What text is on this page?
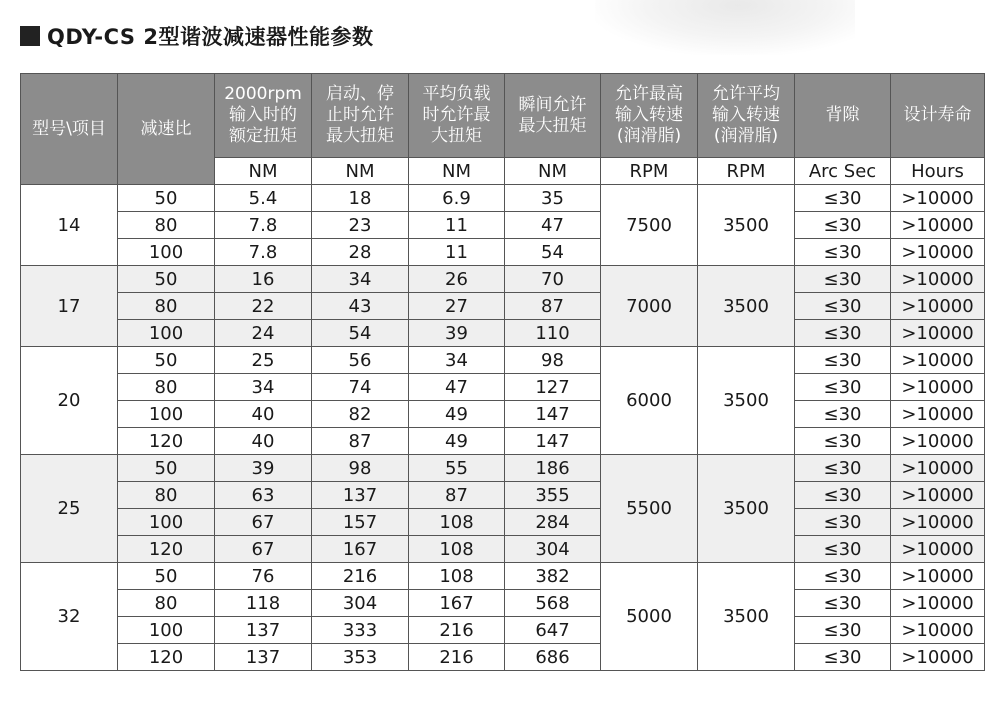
QDY-CS 2型谐波减速器性能参数
型号\项目	减速比	2000rpm
输入时的
额定扭矩	启动、停
止时允许
最大扭矩	平均负载
时允许最
大扭矩	瞬间允许
最大扭矩	允许最高
输入转速
(润滑脂)	允许平均
输入转速
(润滑脂)	背隙	设计寿命
		NM	NM	NM	NM	RPM	RPM	Arc Sec	Hours
14	50	5.4	18	6.9	35	7500	3500	≤30	>10000
	80	7.8	23	11	47			≤30	>10000
	100	7.8	28	11	54			≤30	>10000
17	50	16	34	26	70	7000	3500	≤30	>10000
	80	22	43	27	87			≤30	>10000
	100	24	54	39	110			≤30	>10000
20	50	25	56	34	98	6000	3500	≤30	>10000
	80	34	74	47	127			≤30	>10000
	100	40	82	49	147			≤30	>10000
	120	40	87	49	147			≤30	>10000
25	50	39	98	55	186	5500	3500	≤30	>10000
	80	63	137	87	355			≤30	>10000
	100	67	157	108	284			≤30	>10000
	120	67	167	108	304			≤30	>10000
32	50	76	216	108	382	5000	3500	≤30	>10000
	80	118	304	167	568			≤30	>10000
	100	137	333	216	647			≤30	>10000
	120	137	353	216	686			≤30	>10000
